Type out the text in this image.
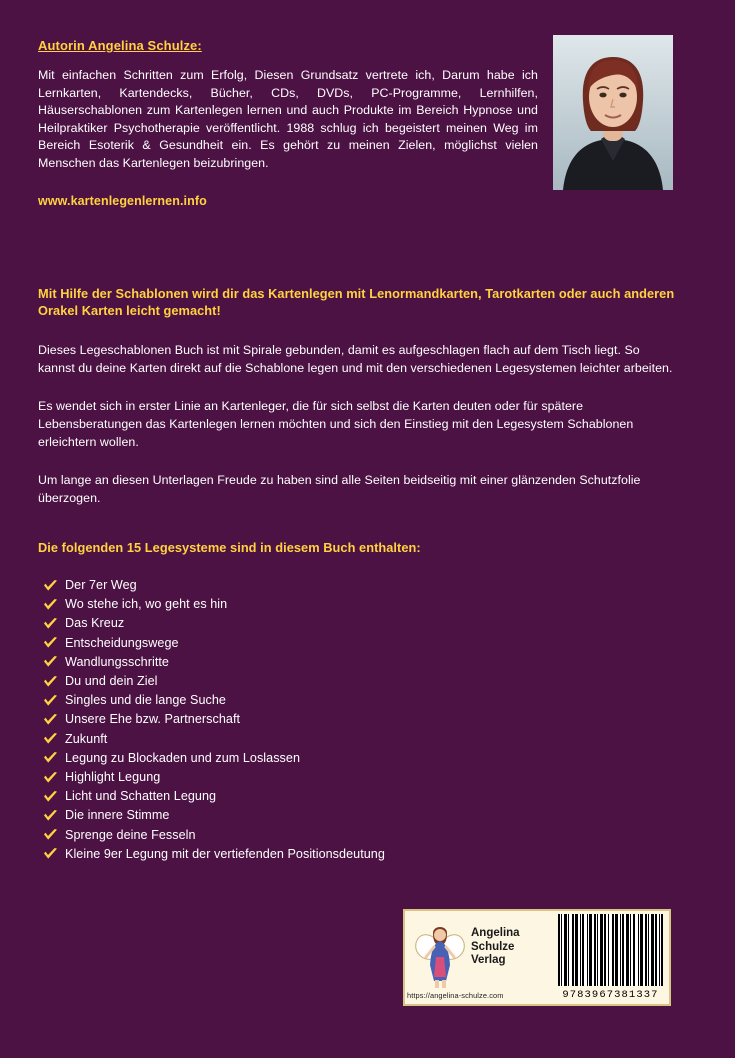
Autorin Angelina Schulze:
Mit einfachen Schritten zum Erfolg, Diesen Grundsatz vertrete ich, Darum habe ich Lernkarten, Kartendecks, Bücher, CDs, DVDs, PC-Programme, Lernhilfen, Häuserschablonen zum Kartenlegen lernen und auch Produkte im Bereich Hypnose und Heilpraktiker Psychotherapie veröffentlicht. 1988 schlug ich begeistert meinen Weg im Bereich Esoterik & Gesundheit ein. Es gehört zu meinen Zielen, möglichst vielen Menschen das Kartenlegen beizubringen.
www.kartenlegenlernen.info
Mit Hilfe der Schablonen wird dir das Kartenlegen mit Lenormandkarten, Tarotkarten oder auch anderen Orakel Karten leicht gemacht!

Dieses Legeschablonen Buch ist mit Spirale gebunden, damit es aufgeschlagen flach auf dem Tisch liegt. So kannst du deine Karten direkt auf die Schablone legen und mit den verschiedenen Legesystemen leichter arbeiten.

Es wendet sich in erster Linie an Kartenleger, die für sich selbst die Karten deuten oder für spätere Lebensberatungen das Kartenlegen lernen möchten und sich den Einstieg mit den Legesystem Schablonen erleichtern wollen.

Um lange an diesen Unterlagen Freude zu haben sind alle Seiten beidseitig mit einer glänzenden Schutzfolie überzogen.

Die folgenden 15 Legesysteme sind in diesem Buch enthalten:
Der 7er Weg
Wo stehe ich, wo geht es hin
Das Kreuz
Entscheidungswege
Wandlungsschritte
Du und dein Ziel
Singles und die lange Suche
Unsere Ehe bzw. Partnerschaft
Zukunft
Legung zu Blockaden und zum Loslassen
Highlight Legung
Licht und Schatten Legung
Die innere Stimme
Sprenge deine Fesseln
Kleine 9er Legung mit der vertiefenden Positionsdeutung
Angelina
Schulze
Verlag
https://angelina-schulze.com	9783967381337
